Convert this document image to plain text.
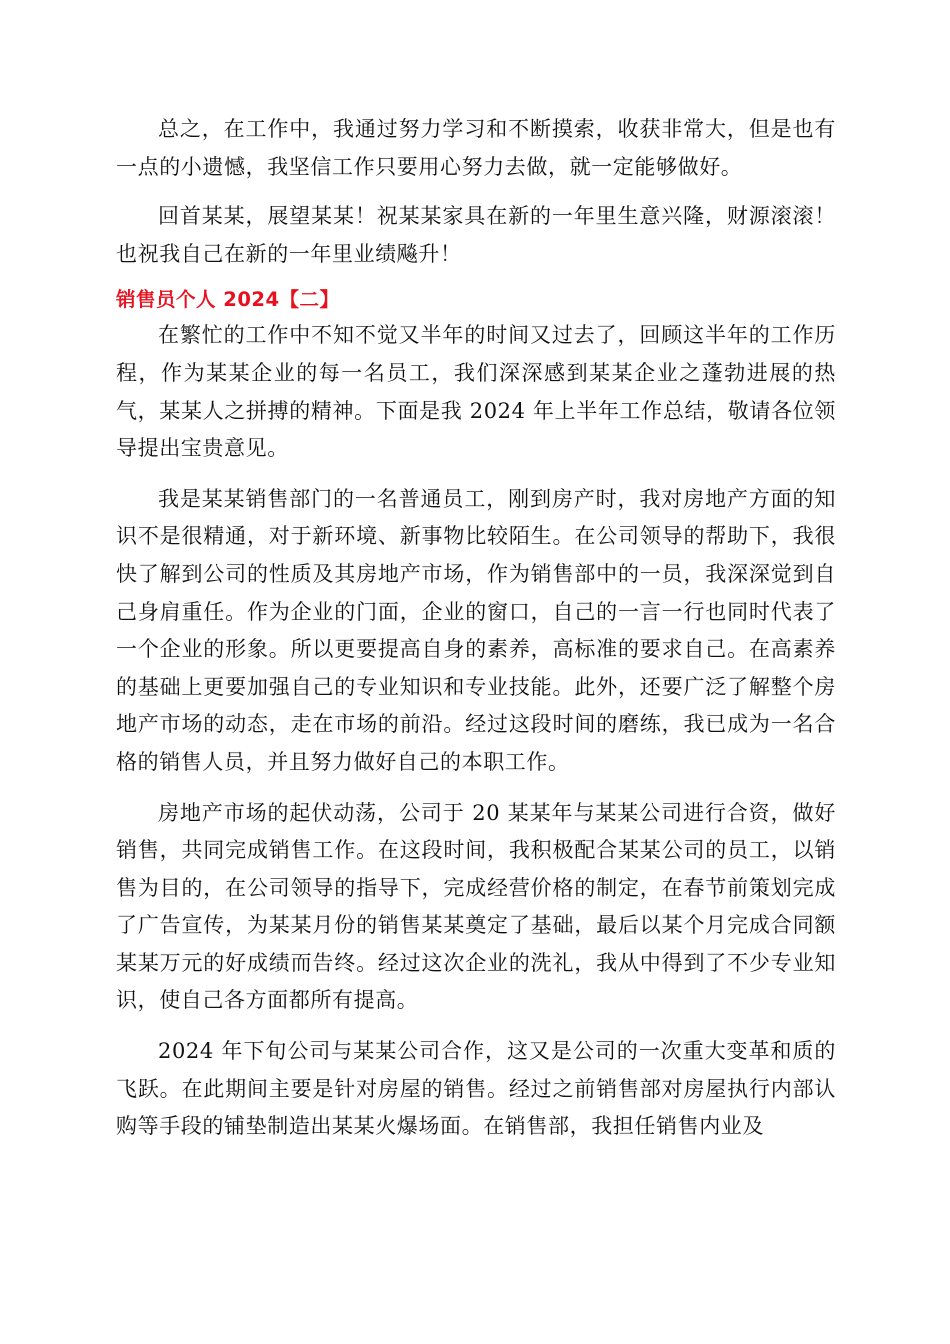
总之，在工作中，我通过努力学习和不断摸索，收获非常大，但是也有一点的小遗憾，我坚信工作只要用心努力去做，就一定能够做好。

回首某某，展望某某！祝某某家具在新的一年里生意兴隆，财源滚滚！也祝我自己在新的一年里业绩飚升！

销售员个人 2024【二】

在繁忙的工作中不知不觉又半年的时间又过去了，回顾这半年的工作历程，作为某某企业的每一名员工，我们深深感到某某企业之蓬勃进展的热气，某某人之拼搏的精神。下面是我 2024 年上半年工作总结，敬请各位领导提出宝贵意见。

我是某某销售部门的一名普通员工，刚到房产时，我对房地产方面的知识不是很精通，对于新环境、新事物比较陌生。在公司领导的帮助下，我很快了解到公司的性质及其房地产市场，作为销售部中的一员，我深深觉到自己身肩重任。作为企业的门面，企业的窗口，自己的一言一行也同时代表了一个企业的形象。所以更要提高自身的素养，高标准的要求自己。在高素养的基础上更要加强自己的专业知识和专业技能。此外，还要广泛了解整个房地产市场的动态，走在市场的前沿。经过这段时间的磨练，我已成为一名合格的销售人员，并且努力做好自己的本职工作。

房地产市场的起伏动荡，公司于 20 某某年与某某公司进行合资，做好销售，共同完成销售工作。在这段时间，我积极配合某某公司的员工，以销售为目的，在公司领导的指导下，完成经营价格的制定，在春节前策划完成了广告宣传，为某某月份的销售某某奠定了基础，最后以某个月完成合同额某某万元的好成绩而告终。经过这次企业的洗礼，我从中得到了不少专业知识，使自己各方面都所有提高。

2024 年下旬公司与某某公司合作，这又是公司的一次重大变革和质的飞跃。在此期间主要是针对房屋的销售。经过之前销售部对房屋执行内部认购等手段的铺垫制造出某某火爆场面。在销售部，我担任销售内业及
